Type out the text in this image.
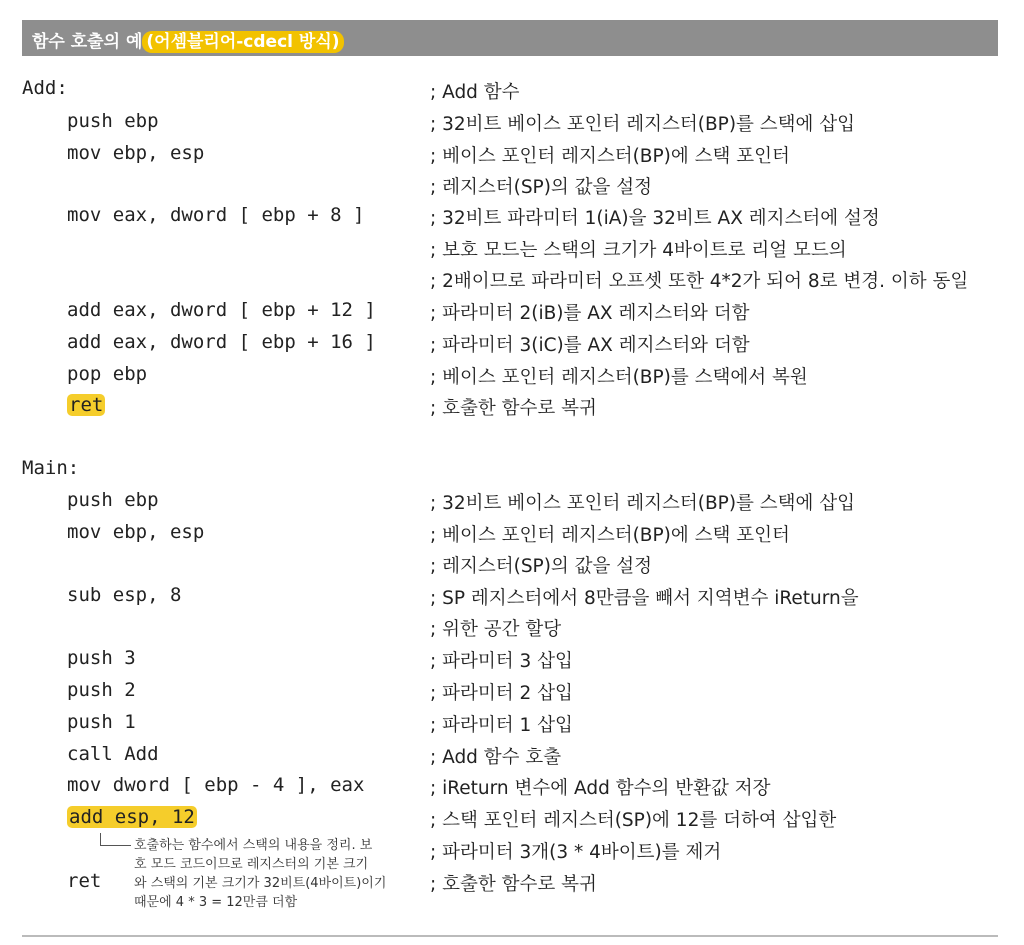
함수 호출의 예 (어셈블리어-cdecl 방식)
Add:	; Add 함수
push ebp	; 32비트 베이스 포인터 레지스터(BP)를 스택에 삽입
mov ebp, esp	; 베이스 포인터 레지스터(BP)에 스택 포인터
; 레지스터(SP)의 값을 설정
mov eax, dword [ ebp + 8 ]	; 32비트 파라미터 1(iA)을 32비트 AX 레지스터에 설정
; 보호 모드는 스택의 크기가 4바이트로 리얼 모드의
; 2배이므로 파라미터 오프셋 또한 4*2가 되어 8로 변경. 이하 동일
add eax, dword [ ebp + 12 ]	; 파라미터 2(iB)를 AX 레지스터와 더함
add eax, dword [ ebp + 16 ]	; 파라미터 3(iC)를 AX 레지스터와 더함
pop ebp	; 베이스 포인터 레지스터(BP)를 스택에서 복원
ret	; 호출한 함수로 복귀
Main:
push ebp	; 32비트 베이스 포인터 레지스터(BP)를 스택에 삽입
mov ebp, esp	; 베이스 포인터 레지스터(BP)에 스택 포인터
; 레지스터(SP)의 값을 설정
sub esp, 8	; SP 레지스터에서 8만큼을 빼서 지역변수 iReturn을
; 위한 공간 할당
push 3	; 파라미터 3 삽입
push 2	; 파라미터 2 삽입
push 1	; 파라미터 1 삽입
call Add	; Add 함수 호출
mov dword [ ebp - 4 ], eax	; iReturn 변수에 Add 함수의 반환값 저장
add esp, 12	; 스택 포인터 레지스터(SP)에 12를 더하여 삽입한
; 파라미터 3개(3 * 4바이트)를 제거
ret	; 호출한 함수로 복귀
호출하는 함수에서 스택의 내용을 정리. 보
호 모드 코드이므로 레지스터의 기본 크기
와 스택의 기본 크기가 32비트(4바이트)이기
때문에 4 * 3 = 12만큼 더함
